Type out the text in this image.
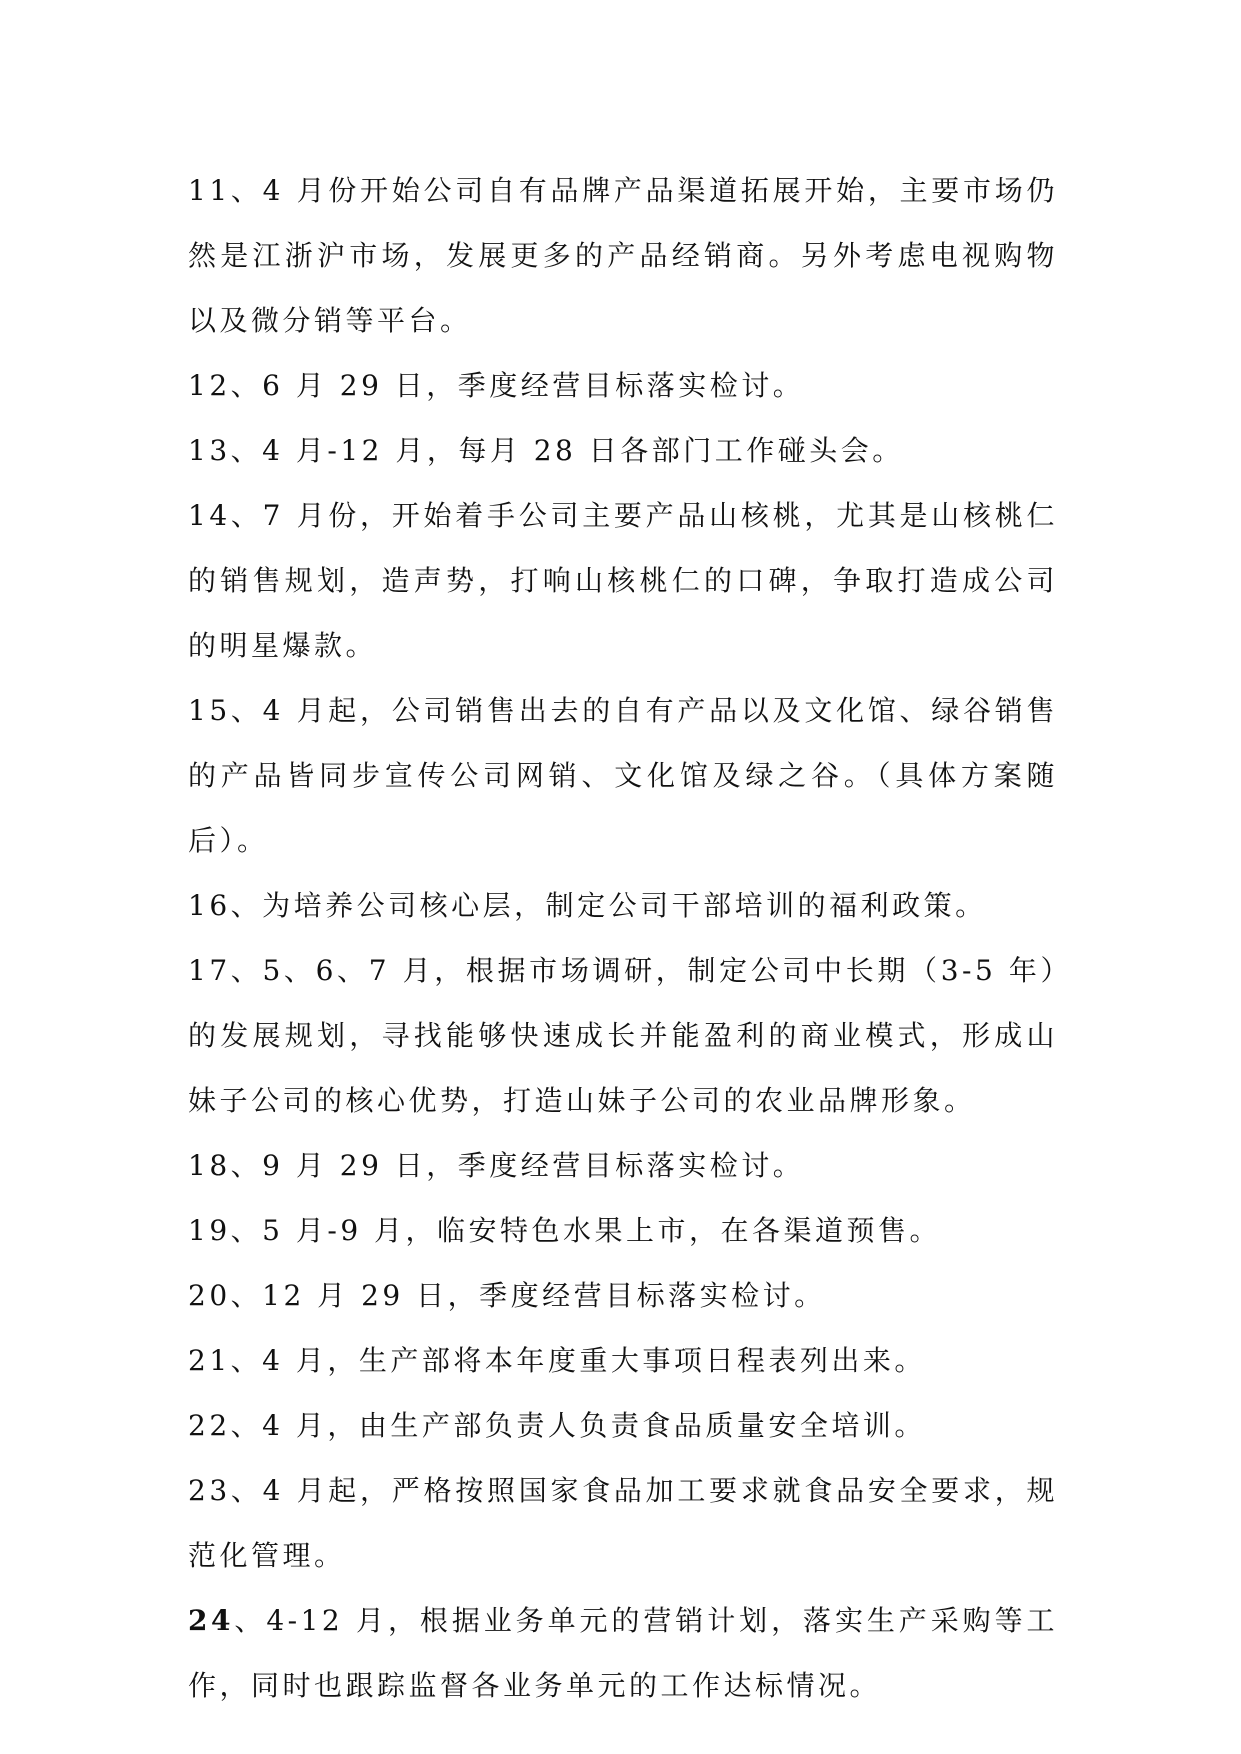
11、4 月份开始公司自有品牌产品渠道拓展开始，主要市场仍然是江浙沪市场，发展更多的产品经销商。另外考虑电视购物以及微分销等平台。

12、6 月 29 日，季度经营目标落实检讨。

13、4 月-12 月，每月 28 日各部门工作碰头会。

14、7 月份，开始着手公司主要产品山核桃，尤其是山核桃仁的销售规划，造声势，打响山核桃仁的口碑，争取打造成公司的明星爆款。

15、4 月起，公司销售出去的自有产品以及文化馆、绿谷销售的产品皆同步宣传公司网销、文化馆及绿之谷。（具体方案随后）。

16、为培养公司核心层，制定公司干部培训的福利政策。

17、5、6、7 月，根据市场调研，制定公司中长期（3-5 年）的发展规划，寻找能够快速成长并能盈利的商业模式，形成山妹子公司的核心优势，打造山妹子公司的农业品牌形象。

18、9 月 29 日，季度经营目标落实检讨。

19、5 月-9 月，临安特色水果上市，在各渠道预售。

20、12 月 29 日，季度经营目标落实检讨。

21、4 月，生产部将本年度重大事项日程表列出来。

22、4 月，由生产部负责人负责食品质量安全培训。

23、4 月起，严格按照国家食品加工要求就食品安全要求，规范化管理。

24、4-12 月，根据业务单元的营销计划，落实生产采购等工作，同时也跟踪监督各业务单元的工作达标情况。
